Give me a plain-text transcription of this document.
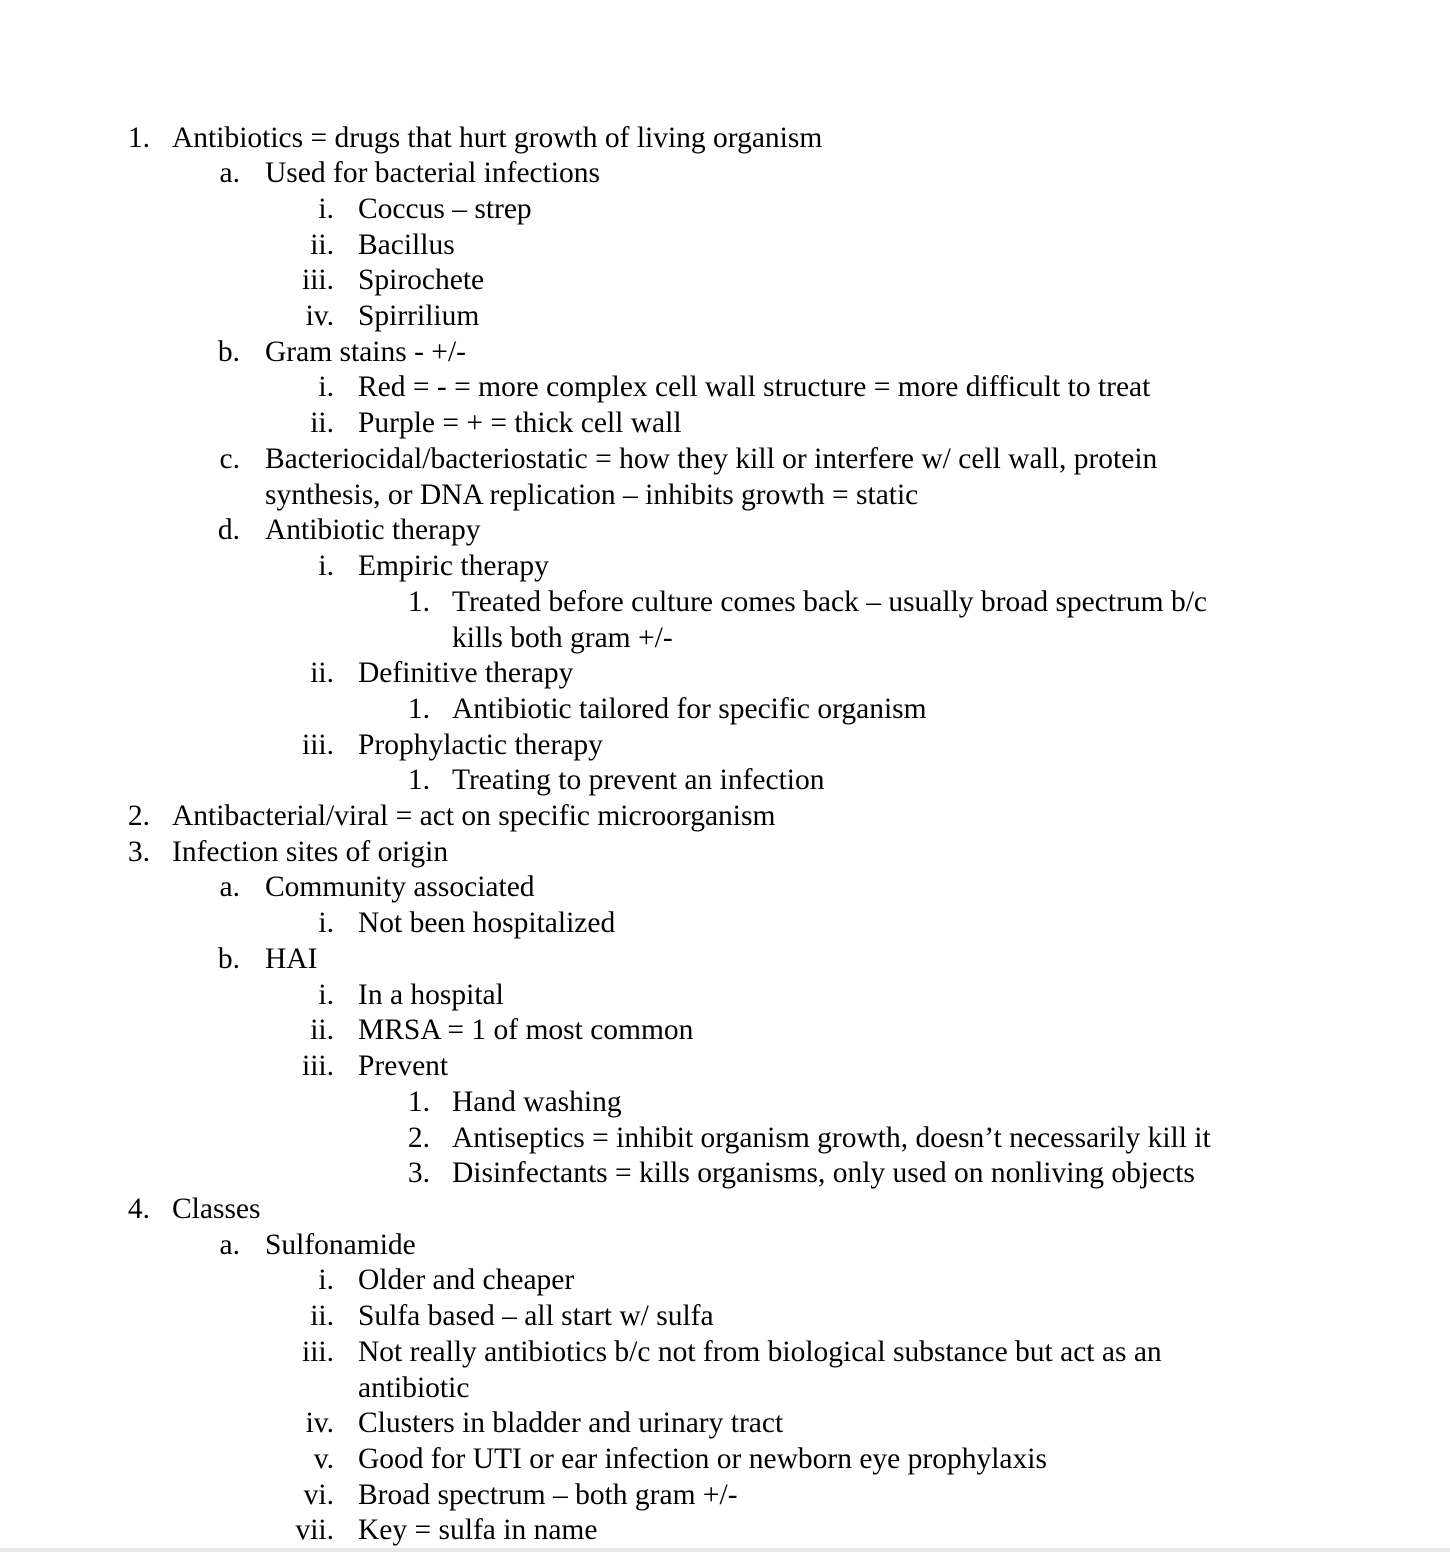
1. Antibiotics = drugs that hurt growth of living organism
a. Used for bacterial infections
i. Coccus – strep
ii. Bacillus
iii. Spirochete
iv. Spirrilium
b. Gram stains - +/-
i. Red = - = more complex cell wall structure = more difficult to treat
ii. Purple = + = thick cell wall
c. Bacteriocidal/bacteriostatic = how they kill or interfere w/ cell wall, protein
synthesis, or DNA replication – inhibits growth = static
d. Antibiotic therapy
i. Empiric therapy
1. Treated before culture comes back – usually broad spectrum b/c
kills both gram +/-
ii. Definitive therapy
1. Antibiotic tailored for specific organism
iii. Prophylactic therapy
1. Treating to prevent an infection
2. Antibacterial/viral = act on specific microorganism
3. Infection sites of origin
a. Community associated
i. Not been hospitalized
b. HAI
i. In a hospital
ii. MRSA = 1 of most common
iii. Prevent
1. Hand washing
2. Antiseptics = inhibit organism growth, doesn’t necessarily kill it
3. Disinfectants = kills organisms, only used on nonliving objects
4. Classes
a. Sulfonamide
i. Older and cheaper
ii. Sulfa based – all start w/ sulfa
iii. Not really antibiotics b/c not from biological substance but act as an
antibiotic
iv. Clusters in bladder and urinary tract
v. Good for UTI or ear infection or newborn eye prophylaxis
vi. Broad spectrum – both gram +/-
vii. Key = sulfa in name
